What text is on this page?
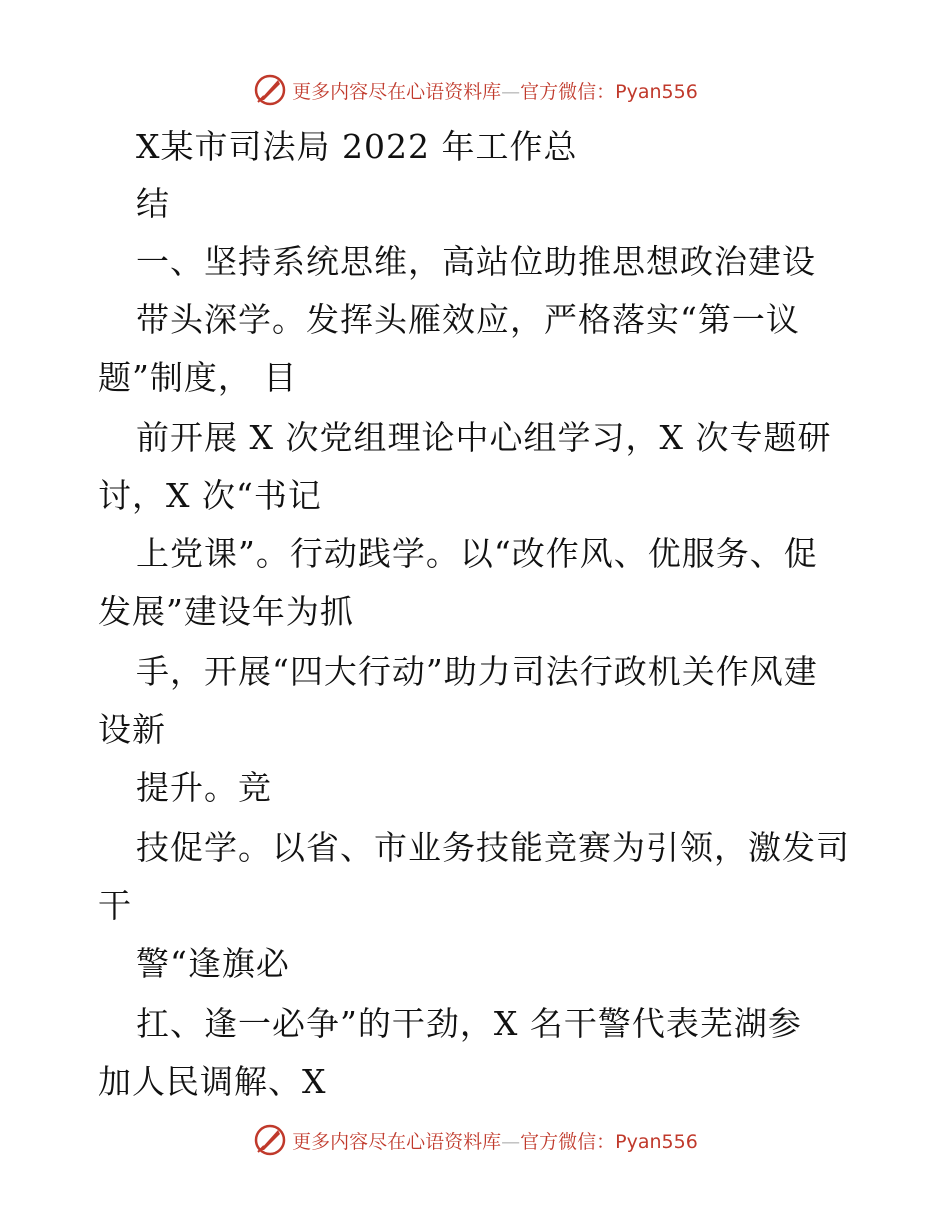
更多内容尽在心语资料库—官方微信：Pyan556
X某市司法局 2022 年工作总
结
一、坚持系统思维，高站位助推思想政治建设
带头深学。发挥头雁效应，严格落实“第一议
题”制度， 目
前开展 X 次党组理论中心组学习，X 次专题研
讨，X 次“书记
上党课”。行动践学。以“改作风、优服务、促
发展”建设年为抓
手，开展“四大行动”助力司法行政机关作风建
设新
提升。竞
技促学。以省、市业务技能竞赛为引领，激发司
干
警“逢旗必
扛、逢一必争”的干劲，X 名干警代表芜湖参
加人民调解、X
更多内容尽在心语资料库—官方微信：Pyan556
